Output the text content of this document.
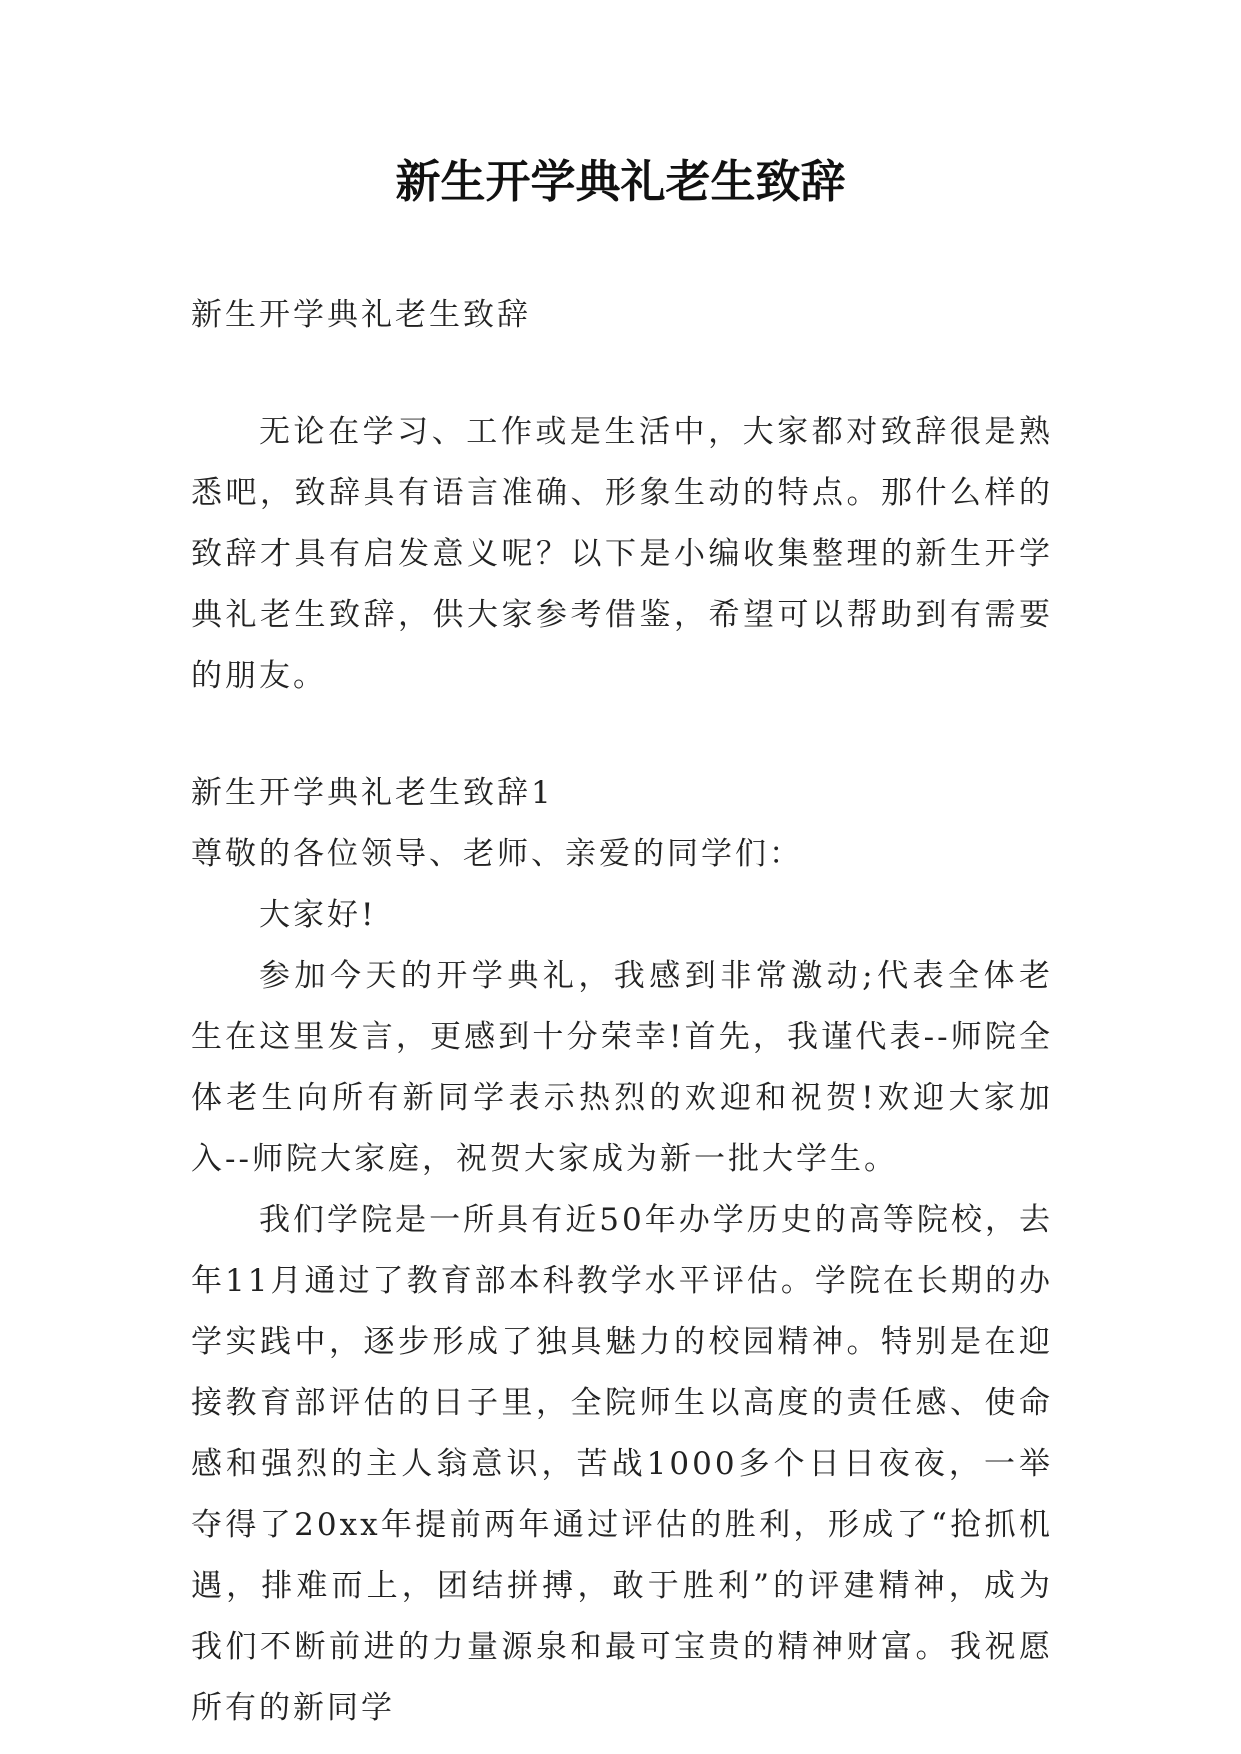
新生开学典礼老生致辞

新生开学典礼老生致辞

无论在学习、工作或是生活中，大家都对致辞很是熟悉吧，致辞具有语言准确、形象生动的特点。那什么样的致辞才具有启发意义呢？以下是小编收集整理的新生开学典礼老生致辞，供大家参考借鉴，希望可以帮助到有需要的朋友。

新生开学典礼老生致辞1

尊敬的各位领导、老师、亲爱的同学们：

大家好!

参加今天的开学典礼，我感到非常激动;代表全体老生在这里发言，更感到十分荣幸!首先，我谨代表--师院全体老生向所有新同学表示热烈的欢迎和祝贺!欢迎大家加入--师院大家庭，祝贺大家成为新一批大学生。

我们学院是一所具有近50年办学历史的高等院校，去年11月通过了教育部本科教学水平评估。学院在长期的办学实践中，逐步形成了独具魅力的校园精神。特别是在迎接教育部评估的日子里，全院师生以高度的责任感、使命感和强烈的主人翁意识，苦战1000多个日日夜夜，一举夺得了20xx年提前两年通过评估的胜利，形成了“抢抓机遇，排难而上，团结拼搏，敢于胜利”的评建精神，成为我们不断前进的力量源泉和最可宝贵的精神财富。我祝愿所有的新同学
